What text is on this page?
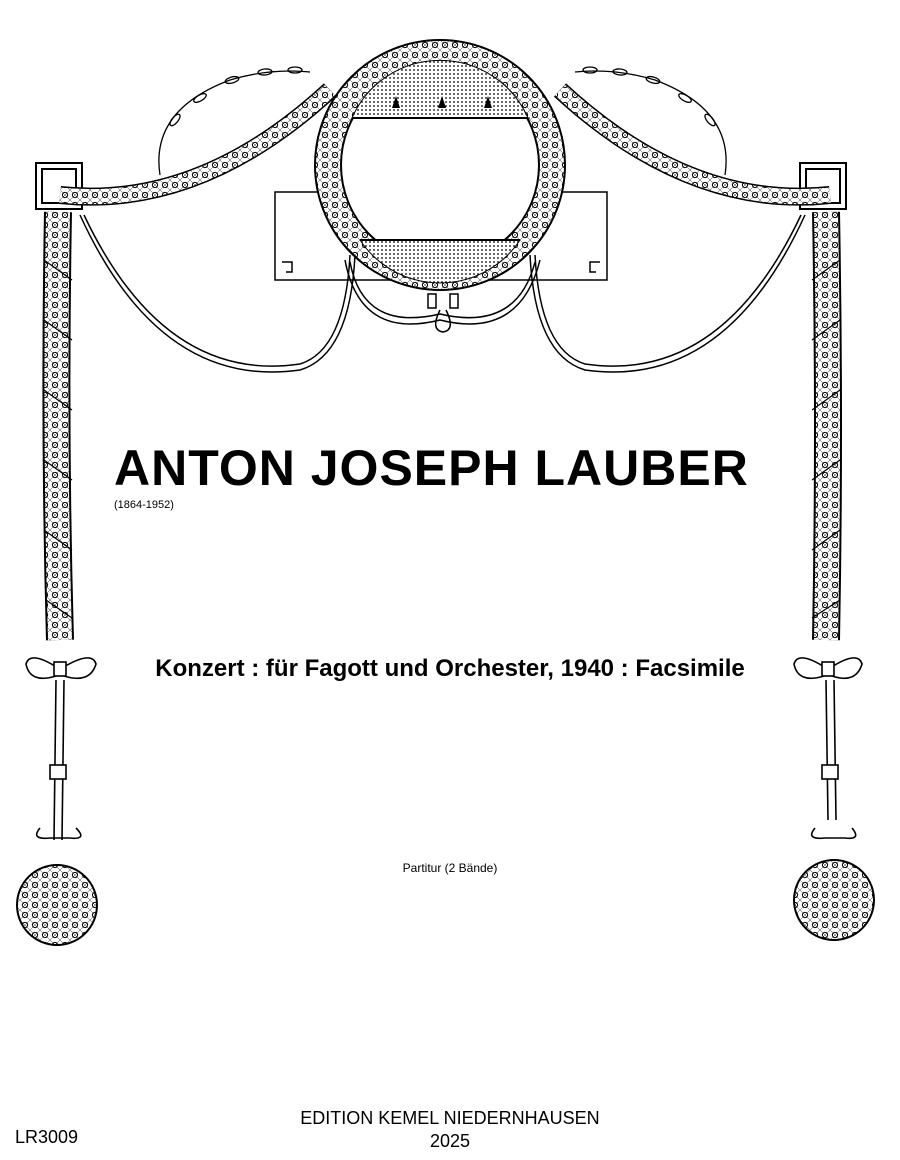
ANTON JOSEPH LAUBER

(1864-1952)

Konzert : für Fagott und Orchester, 1940 : Facsimile

Partitur (2 Bände)

EDITION KEMEL NIEDERNHAUSEN

2025

LR3009
